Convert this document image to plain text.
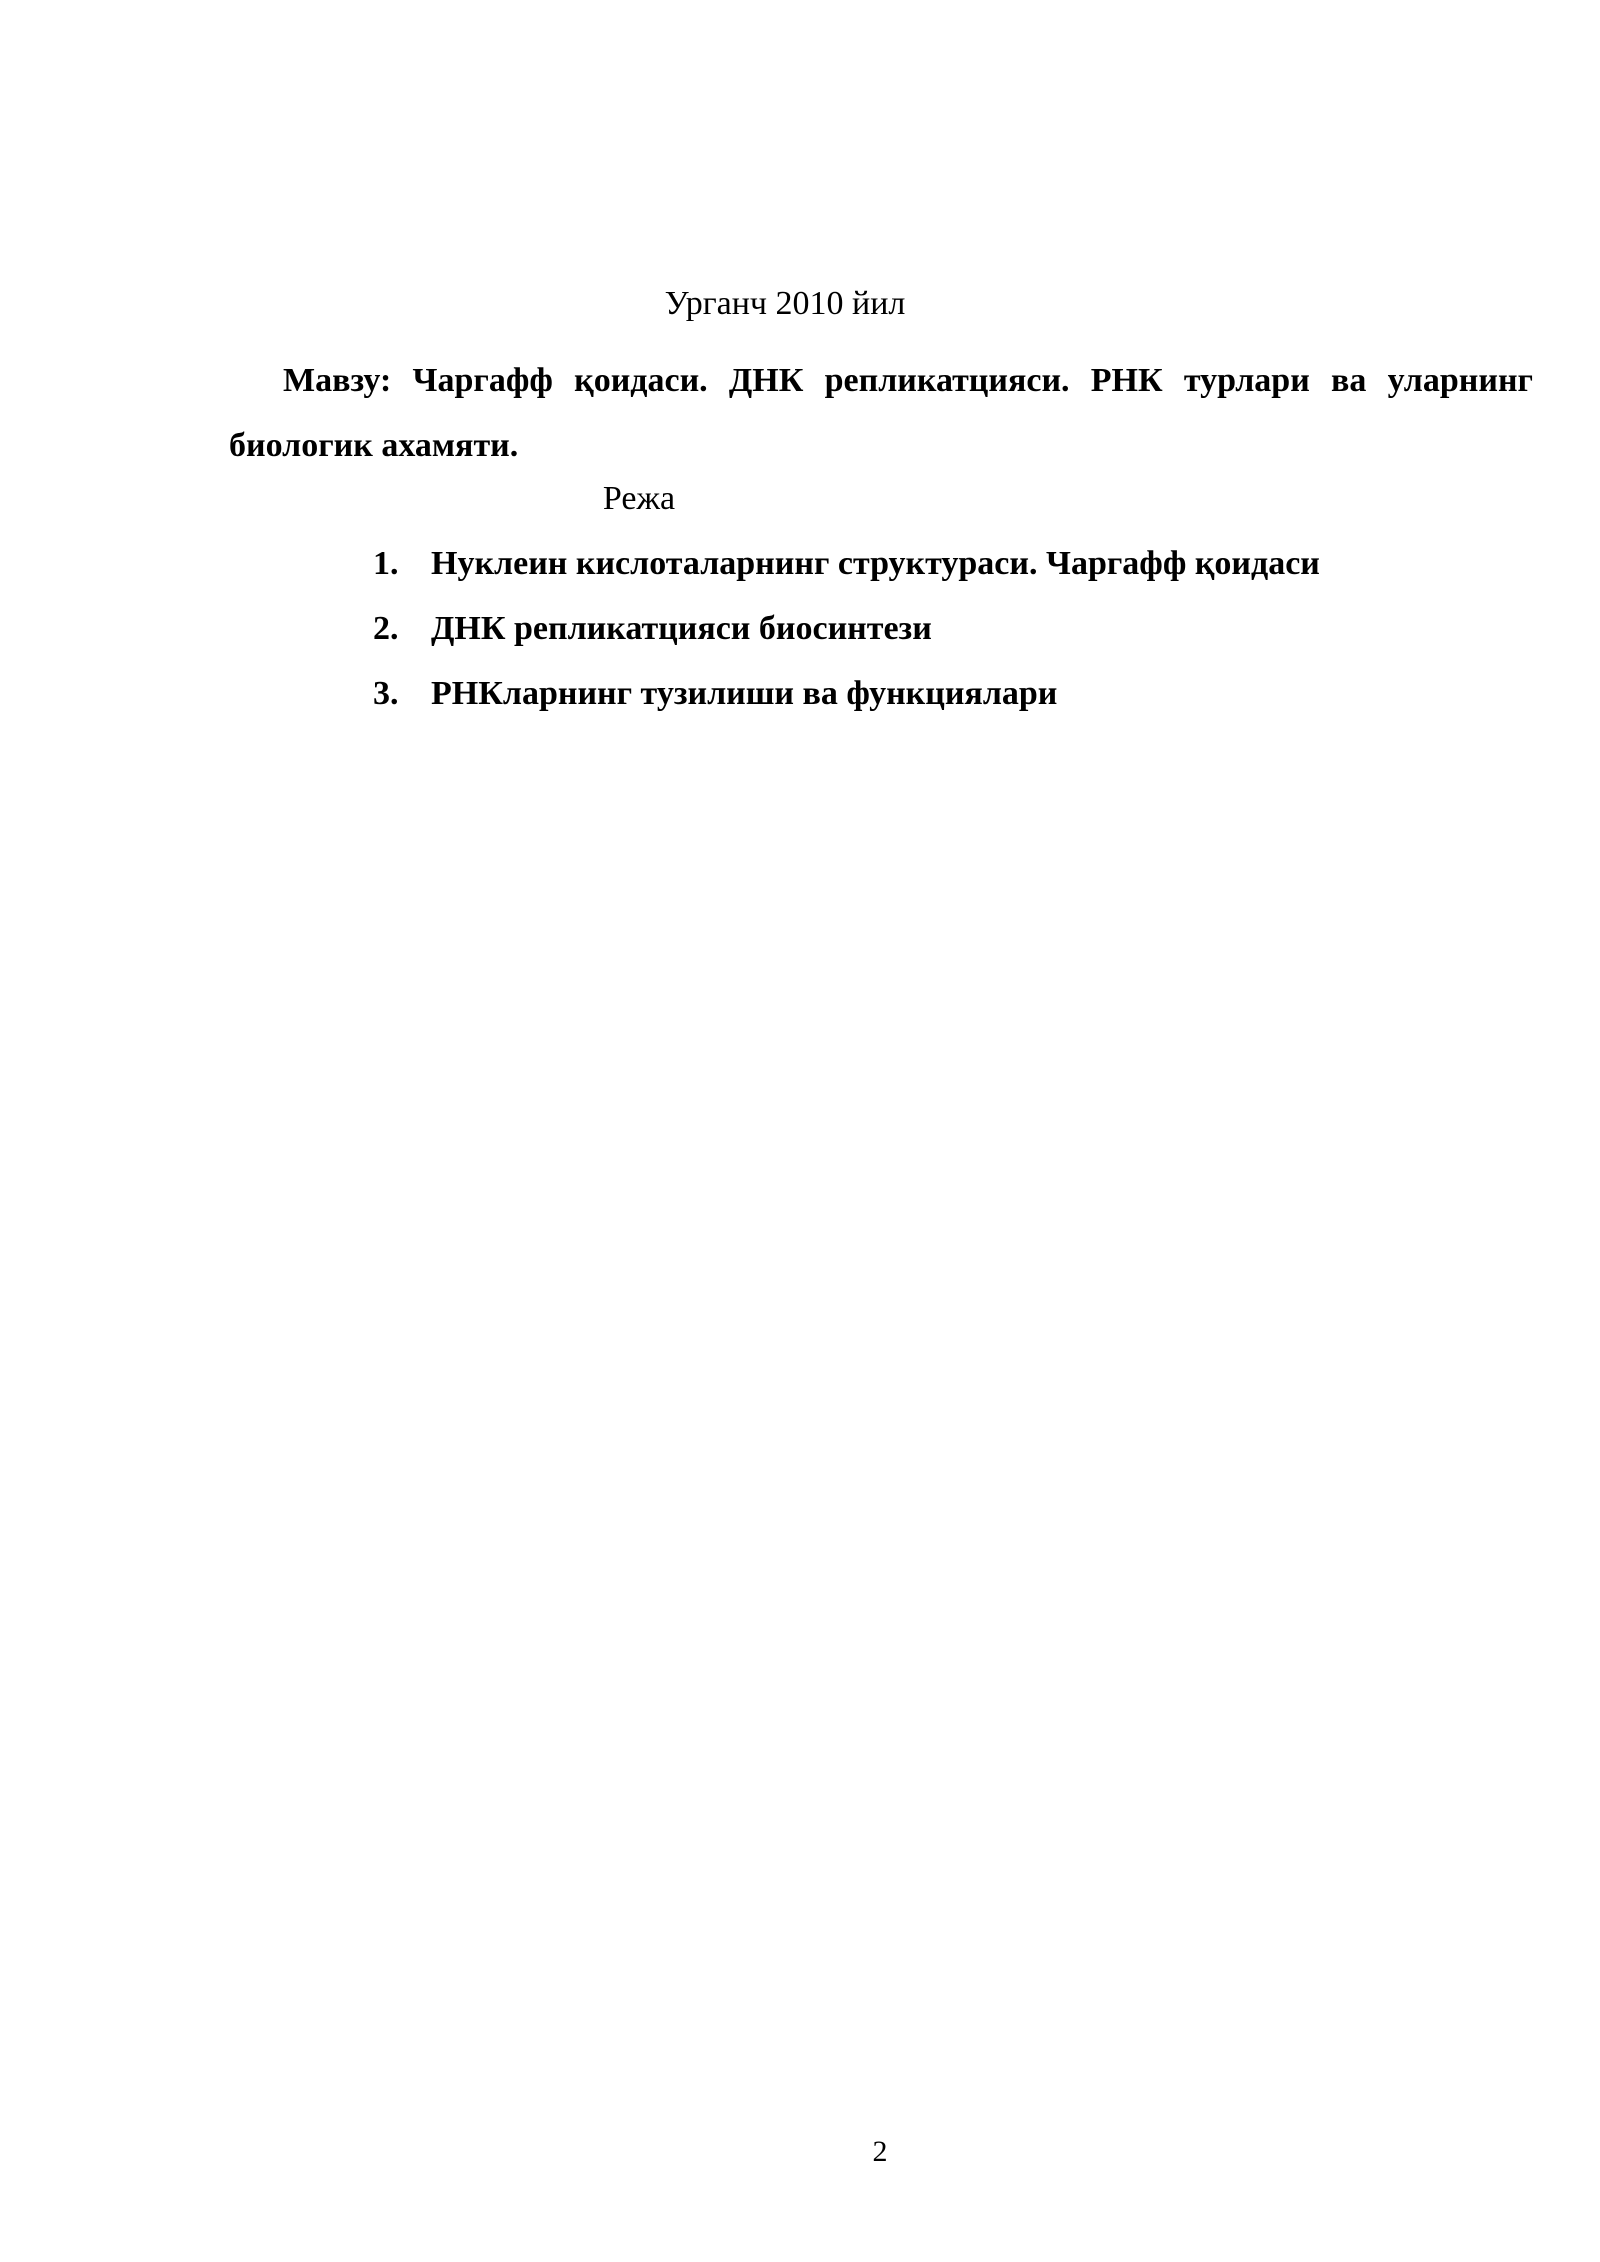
Урганч 2010 йил
Мавзу: Чаргафф қоидаси. ДНК репликатцияси. РНК турлари ва уларнинг биологик ахамяти.
Режа
1. Нуклеин кислоталарнинг структураси. Чаргафф қоидаси
2. ДНК репликатцияси биосинтези
3. РНКларнинг тузилиши ва функциялари
2
